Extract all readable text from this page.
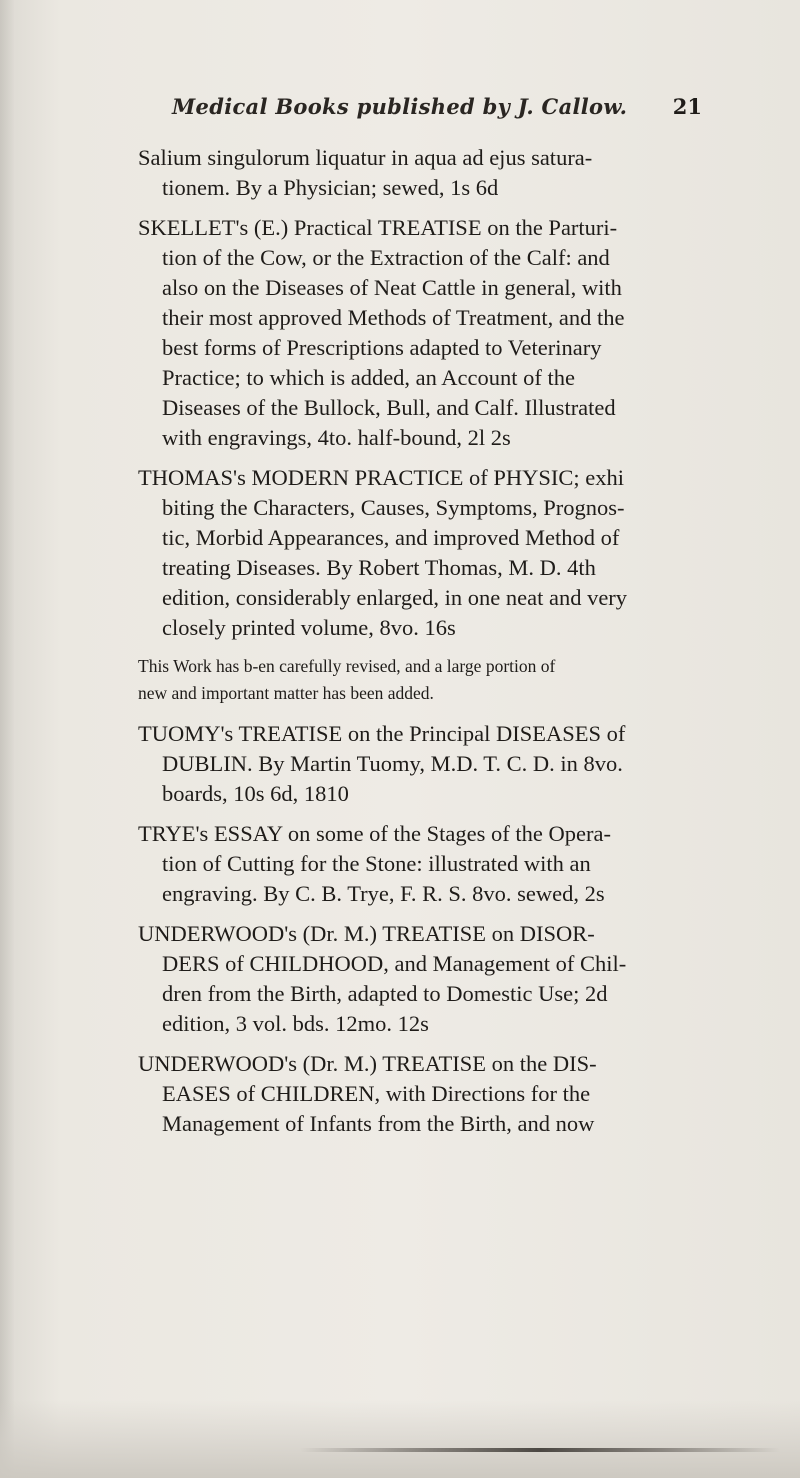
Medical Books published by J. Callow. 21
Salium singulorum liquatur in aqua ad ejus satura-
tionem. By a Physician; sewed, 1s 6d
SKELLET's (E.) Practical TREATISE on the Parturi-
tion of the Cow, or the Extraction of the Calf: and
also on the Diseases of Neat Cattle in general, with
their most approved Methods of Treatment, and the
best forms of Prescriptions adapted to Veterinary
Practice; to which is added, an Account of the
Diseases of the Bullock, Bull, and Calf. Illustrated
with engravings, 4to. half-bound, 2l 2s
THOMAS's MODERN PRACTICE of PHYSIC; exhi
biting the Characters, Causes, Symptoms, Prognos-
tic, Morbid Appearances, and improved Method of
treating Diseases. By Robert Thomas, M. D. 4th
edition, considerably enlarged, in one neat and very
closely printed volume, 8vo. 16s
This Work has b-en carefully revised, and a large portion of
new and important matter has been added.
TUOMY's TREATISE on the Principal DISEASES of
DUBLIN. By Martin Tuomy, M.D. T. C. D. in 8vo.
boards, 10s 6d, 1810
TRYE's ESSAY on some of the Stages of the Opera-
tion of Cutting for the Stone: illustrated with an
engraving. By C. B. Trye, F. R. S. 8vo. sewed, 2s
UNDERWOOD's (Dr. M.) TREATISE on DISOR-
DERS of CHILDHOOD, and Management of Chil-
dren from the Birth, adapted to Domestic Use; 2d
edition, 3 vol. bds. 12mo. 12s
UNDERWOOD's (Dr. M.) TREATISE on the DIS-
EASES of CHILDREN, with Directions for the
Management of Infants from the Birth, and now
